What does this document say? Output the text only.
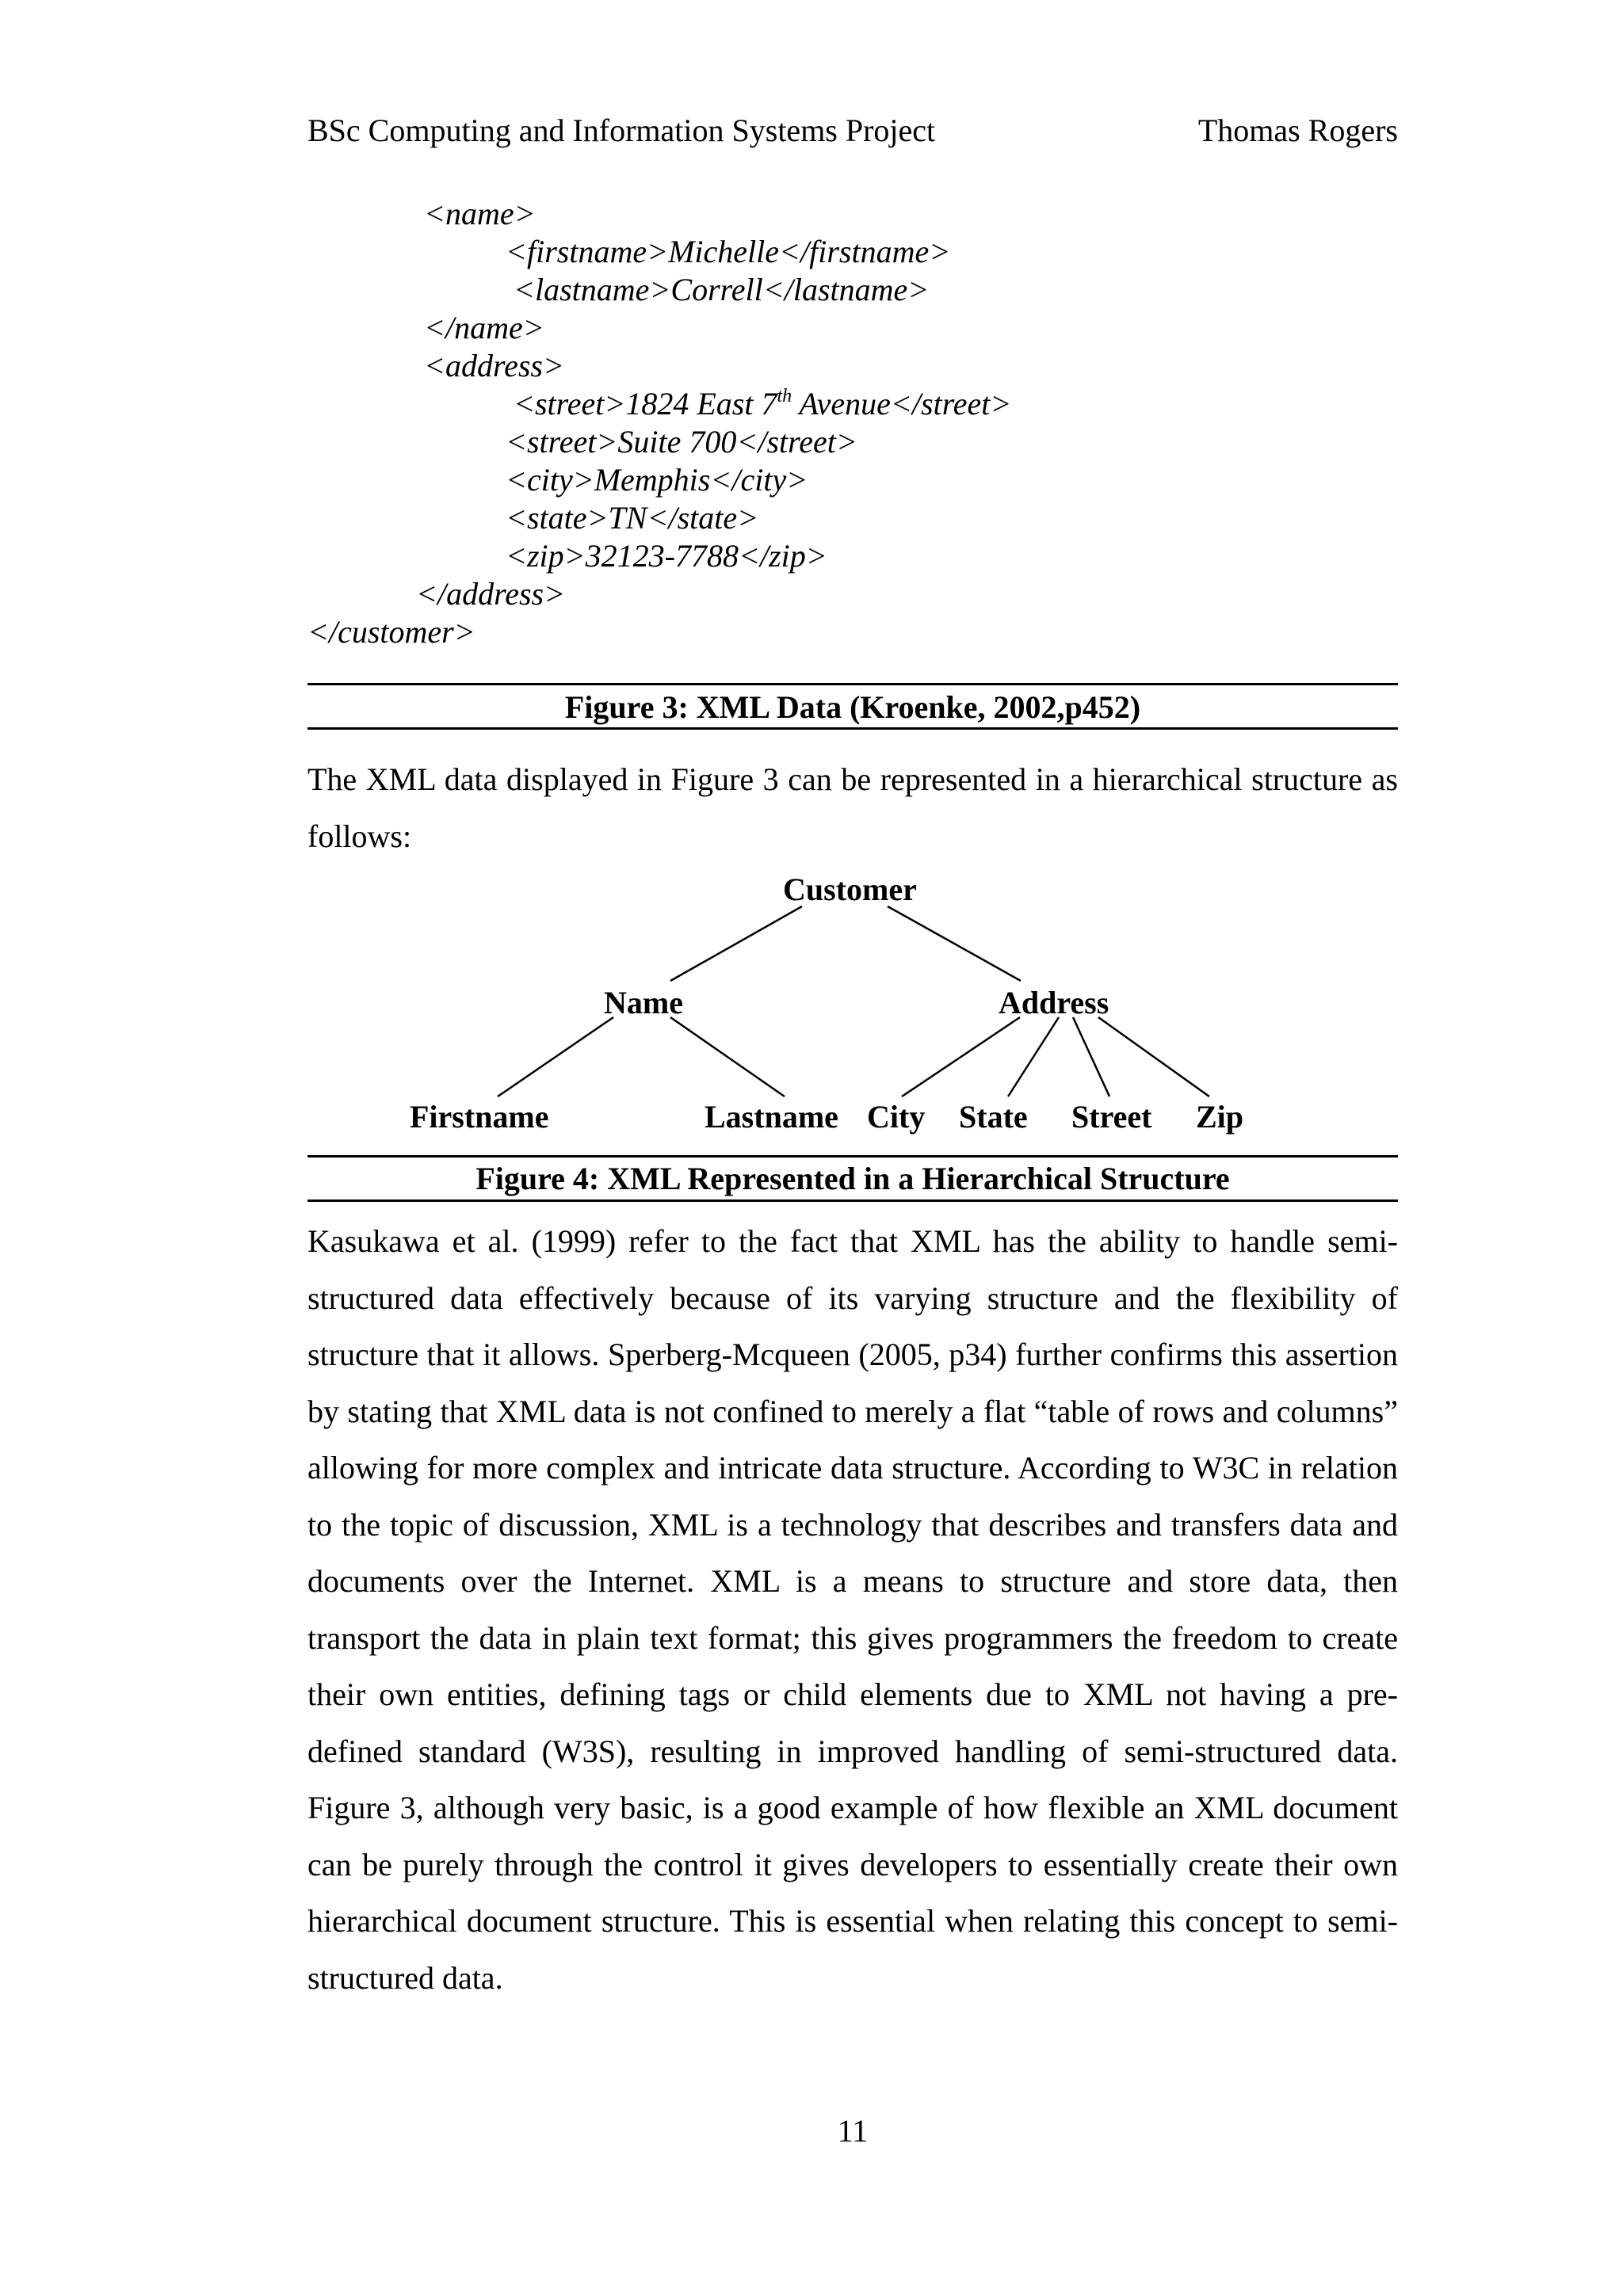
BSc Computing and Information Systems Project	Thomas Rogers
<name>
<firstname>Michelle</firstname>
<lastname>Correll</lastname>
</name>
<address>
<street>1824 East 7th Avenue</street>
<street>Suite 700</street>
<city>Memphis</city>
<state>TN</state>
<zip>32123-7788</zip>
</address>
</customer>
Figure 3: XML Data (Kroenke, 2002,p452)
The XML data displayed in Figure 3 can be represented in a hierarchical structure as follows:
Customer
Name	Address
Firstname	Lastname City State Street Zip
Figure 4: XML Represented in a Hierarchical Structure
Kasukawa et al. (1999) refer to the fact that XML has the ability to handle semi-structured data effectively because of its varying structure and the flexibility of structure that it allows. Sperberg-Mcqueen (2005, p34) further confirms this assertion by stating that XML data is not confined to merely a flat “table of rows and columns” allowing for more complex and intricate data structure. According to W3C in relation to the topic of discussion, XML is a technology that describes and transfers data and documents over the Internet. XML is a means to structure and store data, then transport the data in plain text format; this gives programmers the freedom to create their own entities, defining tags or child elements due to XML not having a pre-defined standard (W3S), resulting in improved handling of semi-structured data. Figure 3, although very basic, is a good example of how flexible an XML document can be purely through the control it gives developers to essentially create their own hierarchical document structure. This is essential when relating this concept to semi-structured data.
11
